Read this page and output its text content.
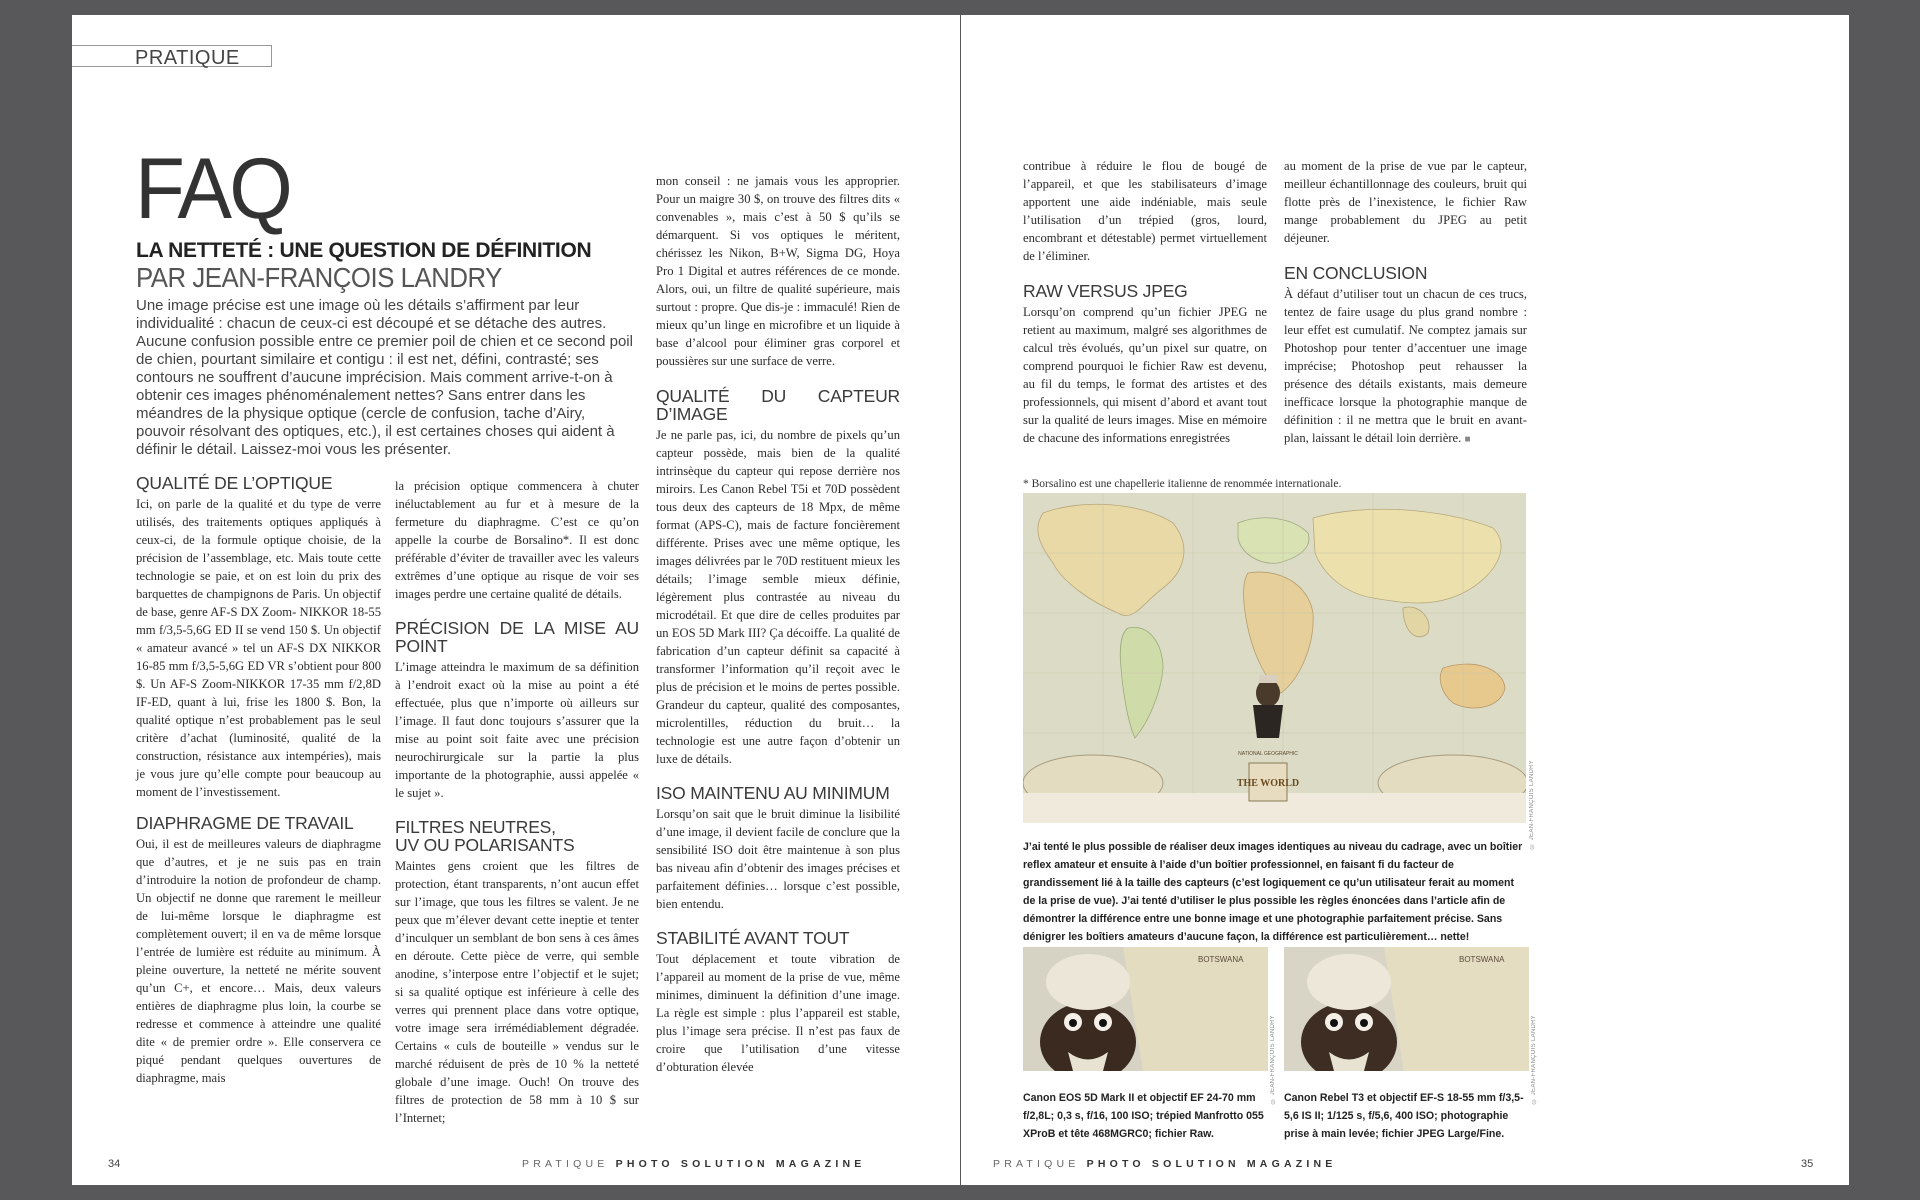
PRATIQUE
FAQ
LA NETTETÉ : UNE QUESTION DE DÉFINITION
PAR JEAN-FRANÇOIS LANDRY
Une image précise est une image où les détails s’affirment par leur individualité : chacun de ceux-ci est découpé et se détache des autres. Aucune confusion possible entre ce premier poil de chien et ce second poil de chien, pourtant similaire et contigu : il est net, défini, contrasté; ses contours ne souffrent d’aucune imprécision. Mais comment arrive-t-on à obtenir ces images phénoménalement nettes? Sans entrer dans les méandres de la physique optique (cercle de confusion, tache d’Airy, pouvoir résolvant des optiques, etc.), il est certaines choses qui aident à définir le détail. Laissez-moi vous les présenter.
QUALITÉ DE L’OPTIQUE

Ici, on parle de la qualité et du type de verre utilisés, des traitements optiques appliqués à ceux-ci, de la formule optique choisie, de la précision de l’assemblage, etc. Mais toute cette technologie se paie, et on est loin du prix des barquettes de champignons de Paris. Un objectif de base, genre AF-S DX Zoom- NIKKOR 18-55 mm f/3,5-5,6G ED II se vend 150 $. Un objectif « amateur avancé » tel un AF-S DX NIKKOR 16-85 mm f/3,5-5,6G ED VR s’obtient pour 800 $. Un AF-S Zoom-NIKKOR 17-35 mm f/2,8D IF-ED, quant à lui, frise les 1800 $. Bon, la qualité optique n’est probablement pas le seul critère d’achat (luminosité, qualité de la construction, résistance aux intempéries), mais je vous jure qu’elle compte pour beaucoup au moment de l’investissement.

DIAPHRAGME DE TRAVAIL

Oui, il est de meilleures valeurs de diaphragme que d’autres, et je ne suis pas en train d’introduire la notion de profondeur de champ. Un objectif ne donne que rarement le meilleur de lui-même lorsque le diaphragme est complètement ouvert; il en va de même lorsque l’entrée de lumière est réduite au minimum. À pleine ouverture, la netteté ne mérite souvent qu’un C+, et encore… Mais, deux valeurs entières de diaphragme plus loin, la courbe se redresse et commence à atteindre une qualité dite « de premier ordre ». Elle conservera ce piqué pendant quelques ouvertures de diaphragme, mais

la précision optique commencera à chuter inéluctablement au fur et à mesure de la fermeture du diaphragme. C’est ce qu’on appelle la courbe de Borsalino*. Il est donc préférable d’éviter de travailler avec les valeurs extrêmes d’une optique au risque de voir ses images perdre une certaine qualité de détails.

PRÉCISION DE LA MISE AU POINT

L’image atteindra le maximum de sa définition à l’endroit exact où la mise au point a été effectuée, plus que n’importe où ailleurs sur l’image. Il faut donc toujours s’assurer que la mise au point soit faite avec une précision neurochirurgicale sur la partie la plus importante de la photographie, aussi appelée « le sujet ».

FILTRES NEUTRES,
UV OU POLARISANTS

Maintes gens croient que les filtres de protection, étant transparents, n’ont aucun effet sur l’image, que tous les filtres se valent. Je ne peux que m’élever devant cette ineptie et tenter d’inculquer un semblant de bon sens à ces âmes en déroute. Cette pièce de verre, qui semble anodine, s’interpose entre l’objectif et le sujet; si sa qualité optique est inférieure à celle des verres qui prennent place dans votre optique, votre image sera irrémédiablement dégradée. Certains « culs de bouteille » vendus sur le marché réduisent de près de 10 % la netteté globale d’une image. Ouch! On trouve des filtres de protection de 58 mm à 10 $ sur l’Internet;

mon conseil : ne jamais vous les approprier. Pour un maigre 30 $, on trouve des filtres dits « convenables », mais c’est à 50 $ qu’ils se démarquent. Si vos optiques le méritent, chérissez les Nikon, B+W, Sigma DG, Hoya Pro 1 Digital et autres références de ce monde. Alors, oui, un filtre de qualité supérieure, mais surtout : propre. Que dis-je : immaculé! Rien de mieux qu’un linge en microfibre et un liquide à base d’alcool pour éliminer gras corporel et poussières sur une surface de verre.

QUALITÉ DU CAPTEUR D’IMAGE

Je ne parle pas, ici, du nombre de pixels qu’un capteur possède, mais bien de la qualité intrinsèque du capteur qui repose derrière nos miroirs. Les Canon Rebel T5i et 70D possèdent tous deux des capteurs de 18 Mpx, de même format (APS-C), mais de facture foncièrement différente. Prises avec une même optique, les images délivrées par le 70D restituent mieux les détails; l’image semble mieux définie, légèrement plus contrastée au niveau du microdétail. Et que dire de celles produites par un EOS 5D Mark III? Ça décoiffe. La qualité de fabrication d’un capteur définit sa capacité à transformer l’information qu’il reçoit avec le plus de précision et le moins de pertes possible. Grandeur du capteur, qualité des composantes, microlentilles, réduction du bruit… la technologie est une autre façon d’obtenir un luxe de détails.

ISO MAINTENU AU MINIMUM

Lorsqu’on sait que le bruit diminue la lisibilité d’une image, il devient facile de conclure que la sensibilité ISO doit être maintenue à son plus bas niveau afin d’obtenir des images précises et parfaitement définies… lorsque c’est possible, bien entendu.

STABILITÉ AVANT TOUT

Tout déplacement et toute vibration de l’appareil au moment de la prise de vue, même minimes, diminuent la définition d’une image. La règle est simple : plus l’appareil est stable, plus l’image sera précise. Il n’est pas faux de croire que l’utilisation d’une vitesse d’obturation élevée

34	PRATIQUE PHOTO SOLUTION MAGAZINE

contribue à réduire le flou de bougé de l’appareil, et que les stabilisateurs d’image apportent une aide indéniable, mais seule l’utilisation d’un trépied (gros, lourd, encombrant et détestable) permet virtuellement de l’éliminer.

RAW VERSUS JPEG

Lorsqu’on comprend qu’un fichier JPEG ne retient au maximum, malgré ses algorithmes de calcul très évolués, qu’un pixel sur quatre, on comprend pourquoi le fichier Raw est devenu, au fil du temps, le format des artistes et des professionnels, qui misent d’abord et avant tout sur la qualité de leurs images. Mise en mémoire de chacune des informations enregistrées

au moment de la prise de vue par le capteur, meilleur échantillonnage des couleurs, bruit qui flotte près de l’inexistence, le fichier Raw mange probablement du JPEG au petit déjeuner.

EN CONCLUSION

À défaut d’utiliser tout un chacun de ces trucs, tentez de faire usage du plus grand nombre : leur effet est cumulatif. Ne comptez jamais sur Photoshop pour tenter d’accentuer une image imprécise; Photoshop peut rehausser la présence des détails existants, mais demeure inefficace lorsque la photographie manque de définition : il ne mettra que le bruit en avant-plan, laissant le détail loin derrière. ■

* Borsalino est une chapellerie italienne de renommée internationale.
NATIONAL GEOGRAPHIC
THE WORLD	© JEAN-FRANÇOIS LANDRY
J’ai tenté le plus possible de réaliser deux images identiques au niveau du cadrage, avec un boîtier reflex amateur et ensuite à l’aide d’un boîtier professionnel, en faisant fi du facteur de grandissement lié à la taille des capteurs (c’est logiquement ce qu’un utilisateur ferait au moment de la prise de vue). J’ai tenté d’utiliser le plus possible les règles énoncées dans l’article afin de démontrer la différence entre une bonne image et une photographie parfaitement précise. Sans dénigrer les boîtiers amateurs d’aucune façon, la différence est particulièrement… nette!
BOTSWANA
© JEAN-FRANÇOIS LANDRY
BOTSWANA
© JEAN-FRANÇOIS LANDRY
Canon EOS 5D Mark II et objectif EF 24-70 mm f/2,8L; 0,3 s, f/16, 100 ISO; trépied Manfrotto 055 XProB et tête 468MGRC0; fichier Raw.
Canon Rebel T3 et objectif EF-S 18-55 mm f/3,5-5,6 IS II; 1/125 s, f/5,6, 400 ISO; photographie prise à main levée; fichier JPEG Large/Fine.
PRATIQUE PHOTO SOLUTION MAGAZINE	35
